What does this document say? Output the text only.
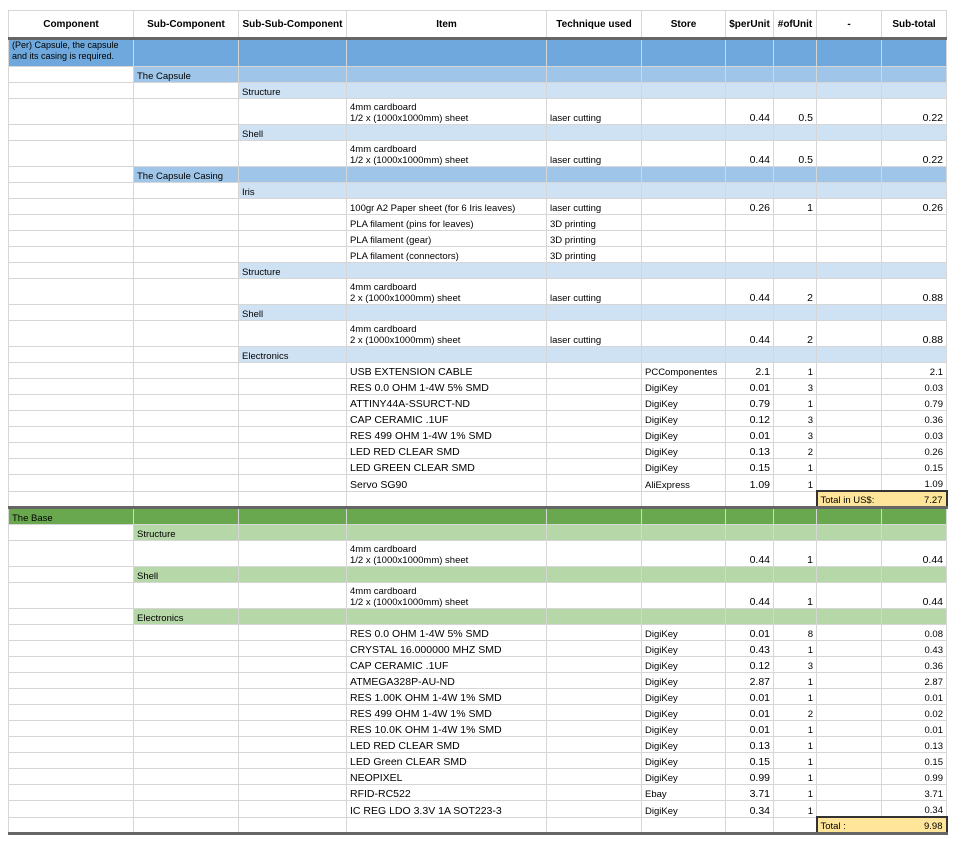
Component	Sub-Component	Sub-Sub-Component	Item	Technique used	Store	$perUnit	#ofUnit	-	Sub-total
(Per) Capsule, the capsule and its casing is required.									
	The Capsule								
		Structure							

			4mm cardboard
1/2 x (1000x1000mm) sheet	laser cutting		0.44	0.5		0.22
		Shell							

			4mm cardboard
1/2 x (1000x1000mm) sheet	laser cutting		0.44	0.5		0.22
	The Capsule Casing								
		Iris							
			100gr A2 Paper sheet (for 6 Iris leaves)	laser cutting		0.26	1		0.26
			PLA filament (pins for leaves)	3D printing					
			PLA filament (gear)	3D printing					
			PLA filament (connectors)	3D printing					
		Structure							

			4mm cardboard
2 x (1000x1000mm) sheet	laser cutting		0.44	2		0.88
		Shell							

			4mm cardboard
2 x (1000x1000mm) sheet	laser cutting		0.44	2		0.88
		Electronics							
			USB EXTENSION CABLE		PCComponentes	2.1	1		2.1
			RES 0.0 OHM 1-4W 5% SMD		DigiKey	0.01	3		0.03
			ATTINY44A-SSURCT-ND		DigiKey	0.79	1		0.79
			CAP CERAMIC .1UF		DigiKey	0.12	3		0.36
			RES 499 OHM 1-4W 1% SMD		DigiKey	0.01	3		0.03
			LED RED CLEAR SMD		DigiKey	0.13	2		0.26
			LED GREEN CLEAR SMD		DigiKey	0.15	1		0.15
			Servo SG90		AliExpress	1.09	1		1.09
								Total in US$:	7.27
The Base									
	Structure								

			4mm cardboard
1/2 x (1000x1000mm) sheet			0.44	1		0.44
	Shell								

			4mm cardboard
1/2 x (1000x1000mm) sheet			0.44	1		0.44
	Electronics								
			RES 0.0 OHM 1-4W 5% SMD		DigiKey	0.01	8		0.08
			CRYSTAL 16.000000 MHZ SMD		DigiKey	0.43	1		0.43
			CAP CERAMIC .1UF		DigiKey	0.12	3		0.36
			ATMEGA328P-AU-ND		DigiKey	2.87	1		2.87
			RES 1.00K OHM 1-4W 1% SMD		DigiKey	0.01	1		0.01
			RES 499 OHM 1-4W 1% SMD		DigiKey	0.01	2		0.02
			RES 10.0K OHM 1-4W 1% SMD		DigiKey	0.01	1		0.01
			LED RED CLEAR SMD		DigiKey	0.13	1		0.13
			LED Green CLEAR SMD		DigiKey	0.15	1		0.15
			NEOPIXEL		DigiKey	0.99	1		0.99
			RFID-RC522		Ebay	3.71	1		3.71
			IC REG LDO 3.3V 1A SOT223-3		DigiKey	0.34	1		0.34
								Total :	9.98
